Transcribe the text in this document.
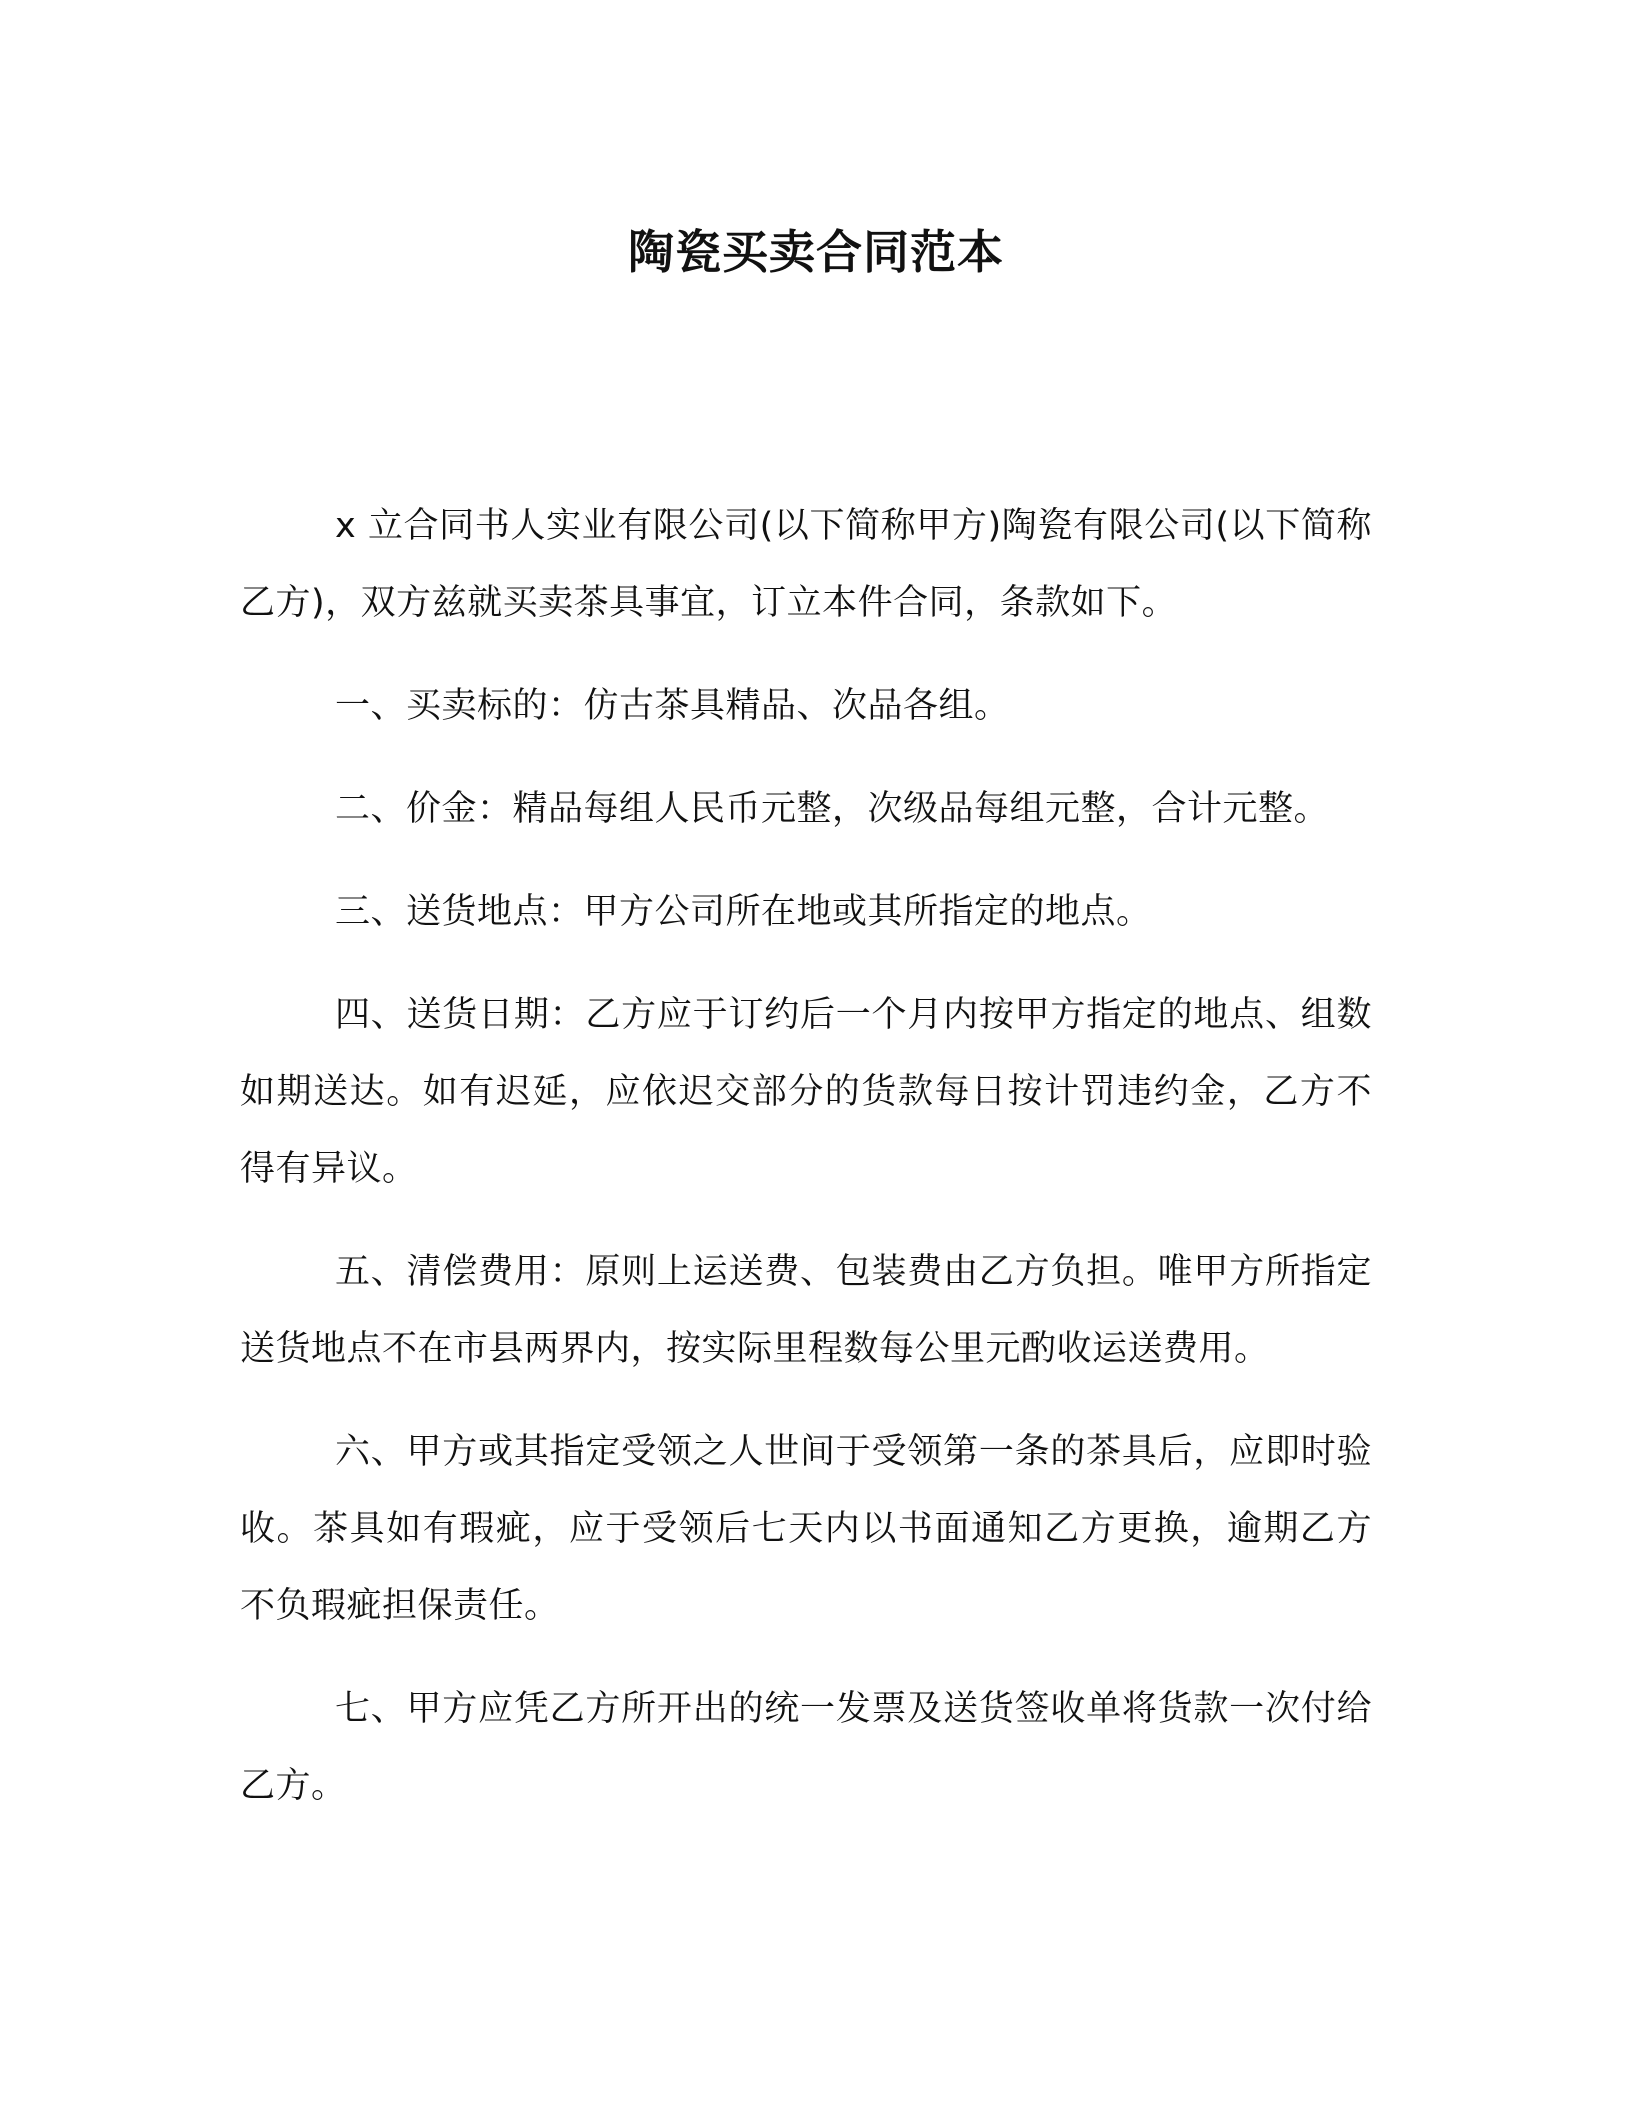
陶瓷买卖合同范本

x 立合同书人实业有限公司(以下简称甲方)陶瓷有限公司(以下简称乙方)，双方兹就买卖茶具事宜，订立本件合同，条款如下。

一、买卖标的：仿古茶具精品、次品各组。

二、价金：精品每组人民币元整，次级品每组元整，合计元整。

三、送货地点：甲方公司所在地或其所指定的地点。

四、送货日期：乙方应于订约后一个月内按甲方指定的地点、组数如期送达。如有迟延，应依迟交部分的货款每日按计罚违约金，乙方不得有异议。

五、清偿费用：原则上运送费、包装费由乙方负担。唯甲方所指定送货地点不在市县两界内，按实际里程数每公里元酌收运送费用。

六、甲方或其指定受领之人世间于受领第一条的茶具后，应即时验收。茶具如有瑕疵，应于受领后七天内以书面通知乙方更换，逾期乙方不负瑕疵担保责任。

七、甲方应凭乙方所开出的统一发票及送货签收单将货款一次付给乙方。
